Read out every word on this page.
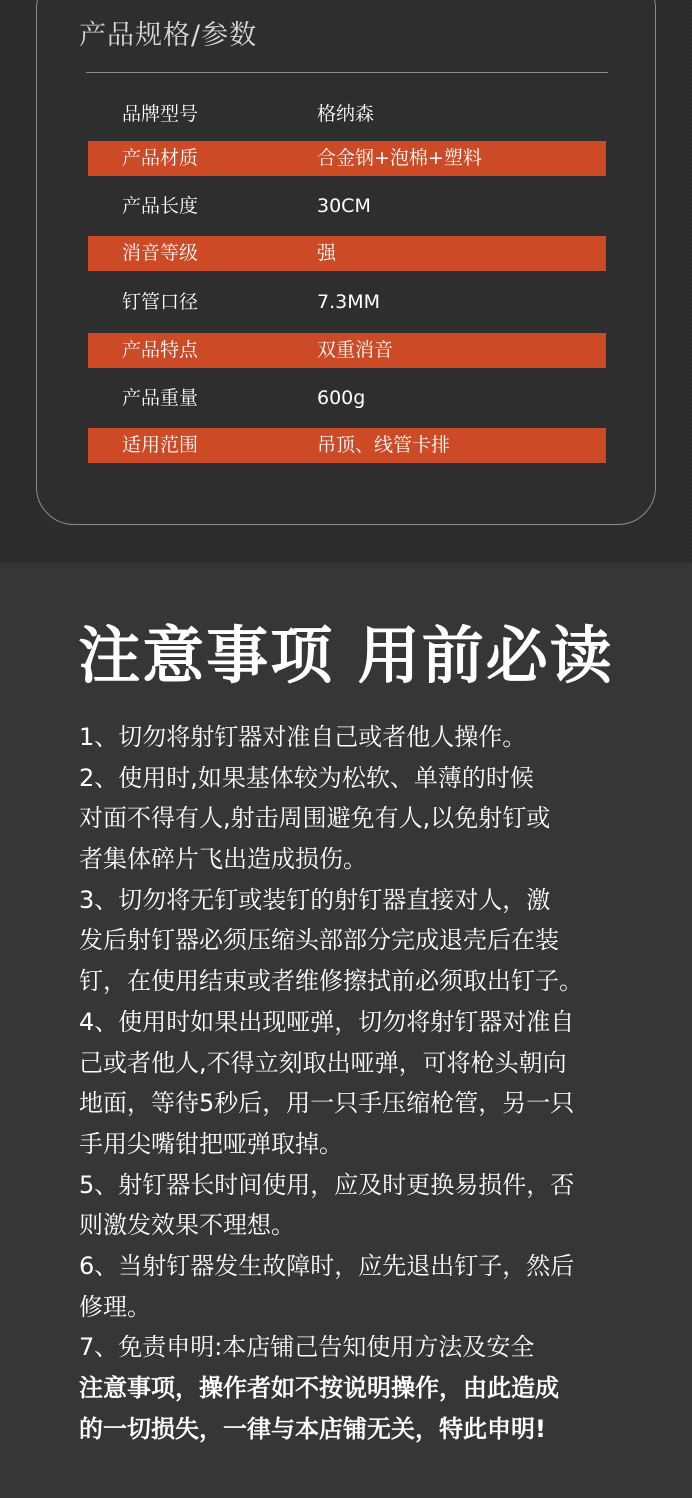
产品规格/参数
品牌型号	格纳森
产品材质	合金钢+泡棉+塑料
产品长度	30CM
消音等级	强
钉管口径	7.3MM
产品特点	双重消音
产品重量	600g
适用范围	吊顶、线管卡排
注意事项 用前必读
1、切勿将射钉器对准自己或者他人操作。
2、使用时,如果基体较为松软、单薄的时候
对面不得有人,射击周围避免有人,以免射钉或
者集体碎片飞出造成损伤。
3、切勿将无钉或装钉的射钉器直接对人，激
发后射钉器必须压缩头部部分完成退壳后在装
钉，在使用结束或者维修擦拭前必须取出钉子。
4、使用时如果出现哑弹，切勿将射钉器对准自
己或者他人,不得立刻取出哑弹，可将枪头朝向
地面，等待5秒后，用一只手压缩枪管，另一只
手用尖嘴钳把哑弹取掉。
5、射钉器长时间使用，应及时更换易损件，否
则激发效果不理想。
6、当射钉器发生故障时，应先退出钉子，然后
修理。
7、免责申明:本店铺己告知使用方法及安全
注意事项，操作者如不按说明操作，由此造成
的一切损失，一律与本店铺无关，特此申明!
